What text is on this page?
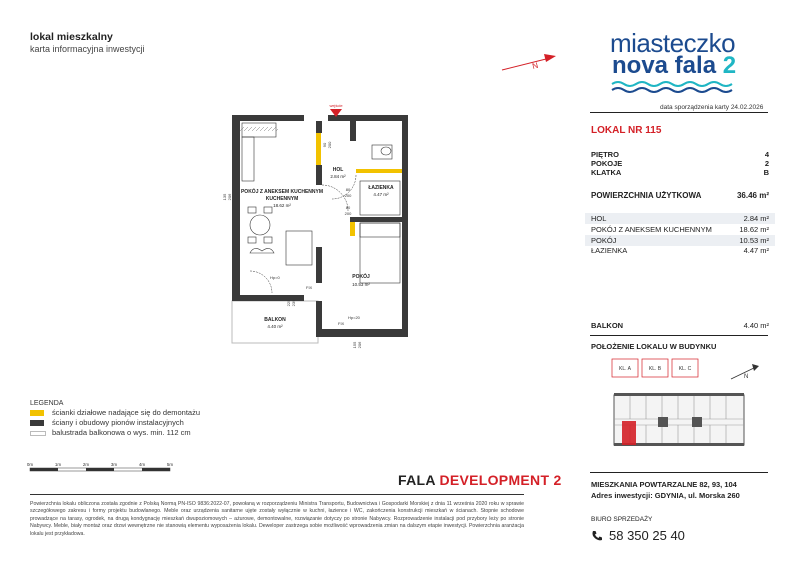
lokal mieszkalny
karta informacyjna inwestycji
N
miasteczko
nova fala 2
data sporządzenia karty 24.02.2026
LOKAL NR 115
PIĘTRO	4
POKOJE	2
KLATKA	B
POWIERZCHNIA UŻYTKOWA	36.46 m²
HOL	2.84 m²
POKÓJ Z ANEKSEM KUCHENNYM	18.62 m²
POKÓJ	10.53 m²
ŁAZIENKA	4.47 m²
BALKON	4.40 m²
POŁOŻENIE LOKALU W BUDYNKU
KL. A	KL. B	KL. C
N
MIESZKANIA POWTARZALNE 82, 93, 104
Adres inwestycji: GDYNIA, ul. Morska 260
BIURO SPRZEDAŻY
58 350 25 40
wejście
HOL
2.84 m²
ŁAZIENKA
4.47 m²
POKÓJ Z ANEKSEM KUCHENNYM
18.62 m²
POKÓJ
10.53 m²
BALKON
4.40 m²
KUCHENNYM
90 200
80
200
80
200
135 206
225 239
155 206
FIX
FIX
Hp=0
Hp=20
LEGENDA
ścianki działowe nadające się do demontażu
ściany i obudowy pionów instalacyjnych
balustrada balkonowa o wys. min. 112 cm
0m	1m	2m	3m	4m	5m
FALA DEVELOPMENT 2
Powierzchnia lokalu obliczona została zgodnie z Polską Normą PN-ISO 9836:2022-07, powołaną w rozporządzeniu Ministra Transportu, Budownictwa i Gospodarki Morskiej z dnia 11 września 2020 roku w sprawie szczegółowego zakresu i formy projektu budowlanego. Meble oraz urządzenia sanitarne ujęte zostały wyłącznie w kuchni, łazience i WC, zakończenia konstrukcji mieszkań w ścianach. Stopnie schodowe prowadzące na tarasy, ogrodek, na drugą kondygnację mieszkań dwupoziomowych – ażurowe, demontowalne, rozwiązanie dotyczy po stronie Nabywcy. Rozprowadzenie instalacji pod przybory leży po stronie Nabywcy. Meble, biały montaż oraz drzwi wewnętrzne nie stanowią elementu wyposażenia lokalu. Deweloper zastrzega sobie możliwość wprowadzenia zmian na dalszym etapie inwestycji. Powierzchnia aranżacja lokalu jest przykładowa.
